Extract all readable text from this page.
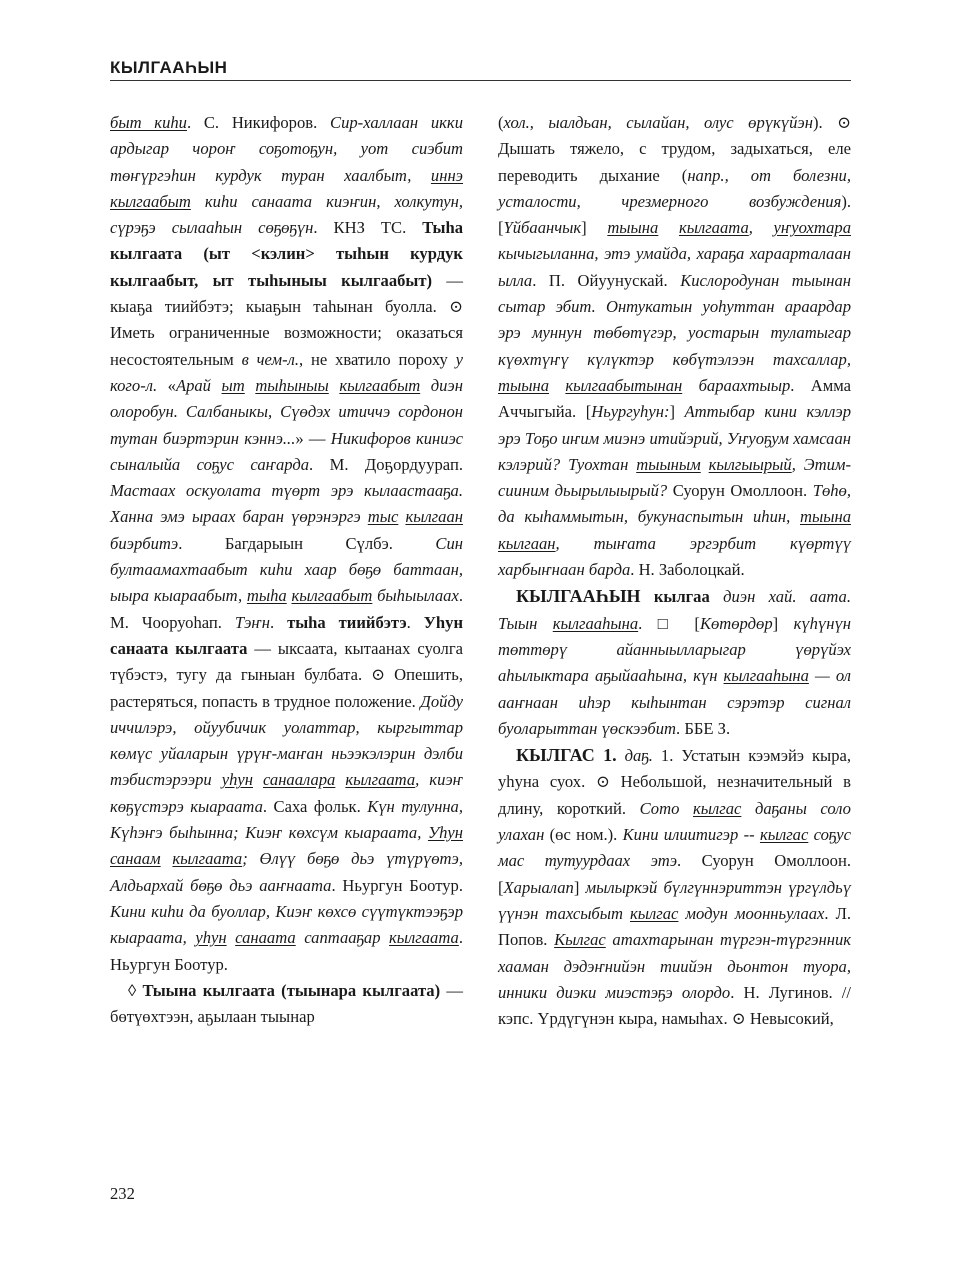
КЫЛГААҺЫН

быт киһи. С. Никифоров. Сир-халлаан икки ардыгар чороҥ соҕотоҕун, уот сиэбит төҥүргэһин курдук туран хаалбыт, иннэ кылгаабыт киһи санаата киэҥин, холкутун, сүрэҕэ сылааһын сөҕөҕүн. КНЗ ТС. Тыһа кылгаата (ыт <кэлин> тыһын курдук кылгаабыт, ыт тыһыныы кылгаабыт) — кыаҕа тиийбэтэ; кыаҕын таһынан буолла. ⊙ Иметь ограниченные возможности; оказаться несостоятельным в чем-л., не хватило пороху у кого-л. «Арай ыт тыһыныы кылгаабыт диэн олоробун. Салбаныкы, Сүөдэх итиччэ сордонон тутан биэртэрин кэннэ...» — Никифоров киниэс сыналыйа соҕус саҥарда. М. Доҕордуурап. Мастаах оскуолата түөрт эрэ кылаастааҕа. Ханна эмэ ыраах баран үөрэнэргэ тыс кылгаан биэрбитэ. Багдарыын Сүлбэ. Син бултаамахтаабыт киһи хаар бөҕө баттаан, ыыра кыараабыт, тыһа кылгаабыт быһыылаах. М. Чооруоһап. Тэҥн. тыһа тиийбэтэ. Уһун санаата кылгаата — ыксаата, кытаанах суолга түбэстэ, тугу да гыныан булбата. ⊙ Опешить, растеряться, попасть в трудное положение. Дойду иччилэрэ, ойуубичик уолаттар, кыргыттар көмүс уйаларын үрүҥ-маҥан ньээкэлэрин дэлби тэбистэрээри уһун санаалара кылгаата, киэҥ көҕүстэрэ кыараата. Саха фольк. Күн тулунна, Күһэҥэ быһынна; Киэҥ көхсүм кыараата, Уһун санаам кылгаата; Өлүү бөҕө дьэ үтүрүөтэ, Алдьархай бөҕө дьэ ааҥнаата. Ньургун Боотур. Кини киһи да буоллар, Киэҥ көхсө сүүтүктээҕэр кыараата, уһун санаата саптааҕар кылгаата. Ньургун Боотур.

◊ Тыына кылгаата (тыынара кылгаата) — бөтүөхтээн, аҕылаан тыынар

(хол., ыалдьан, сылайан, олус өрүкүйэн). ⊙ Дышать тяжело, с трудом, задыхаться, еле переводить дыхание (напр., от болезни, усталости, чрезмерного возбуждения). [Үйбаанчык] тыына кылгаата, уҥуохтара кычыгыланна, этэ умайда, хараҕа хараарталаан ылла. П. Ойуунускай. Кислородунан тыынан сытар эбит. Онтукатын уоһуттан араардар эрэ муннун төбөтүгэр, уостарын тулатыгар күөхтүҥү күлүктэр көбүтэлээн тахсаллар, тыына кылгаабытынан бараахтыыр. Амма Аччыгыйа. [Ньургуһун:] Аттыбар кини кэллэр эрэ Тоҕо иҥим миэнэ итийэрий, Уҥуоҕум хамсаан кэлэрий? Туохтан тыыным кылгыырый, Этим-сииним дьырылыырый? Суорун Омоллоон. Төһө, да кыһаммытын, букунаспытын иһин, тыына кылгаан, тыҥата эргэрбит күөртүү харбыҥнаан барда. Н. Заболоцкай.

КЫЛГААҺЫН кылгаа диэн хай. аата. Тыын кылгааһына. □ [Көтөрдөр] күһүнүн төттөрү айанныылларыгар үөрүйэх аһылыктара аҕыйааһына, күн кылгааһына — ол ааҥнаан иһэр кыһынтан сэрэтэр сигнал буоларыттан үөскээбит. ББЕ З.

КЫЛГАС 1. даҕ. 1. Устатын кээмэйэ кыра, уһуна суох. ⊙ Небольшой, незначительный в длину, короткий. Сото кылгас даҕаны соло улахан (өс ном.). Кини илиитигэр -- кылгас соҕус мас тутуурдаах этэ. Суорун Омоллоон. [Харыалап] мылыркэй бүлгүннэриттэн үргүлдьү үүнэн тахсыбыт кылгас модун моонньулаах. Л. Попов. Кылгас атахтарынан түргэн-түргэнник хааман дэдэҥнийэн тиийэн дьонтон туора, инники диэки миэстэҕэ олордо. Н. Лугинов. // кэпс. Үрдүгүнэн кыра, намыһах. ⊙ Невысокий,

232
